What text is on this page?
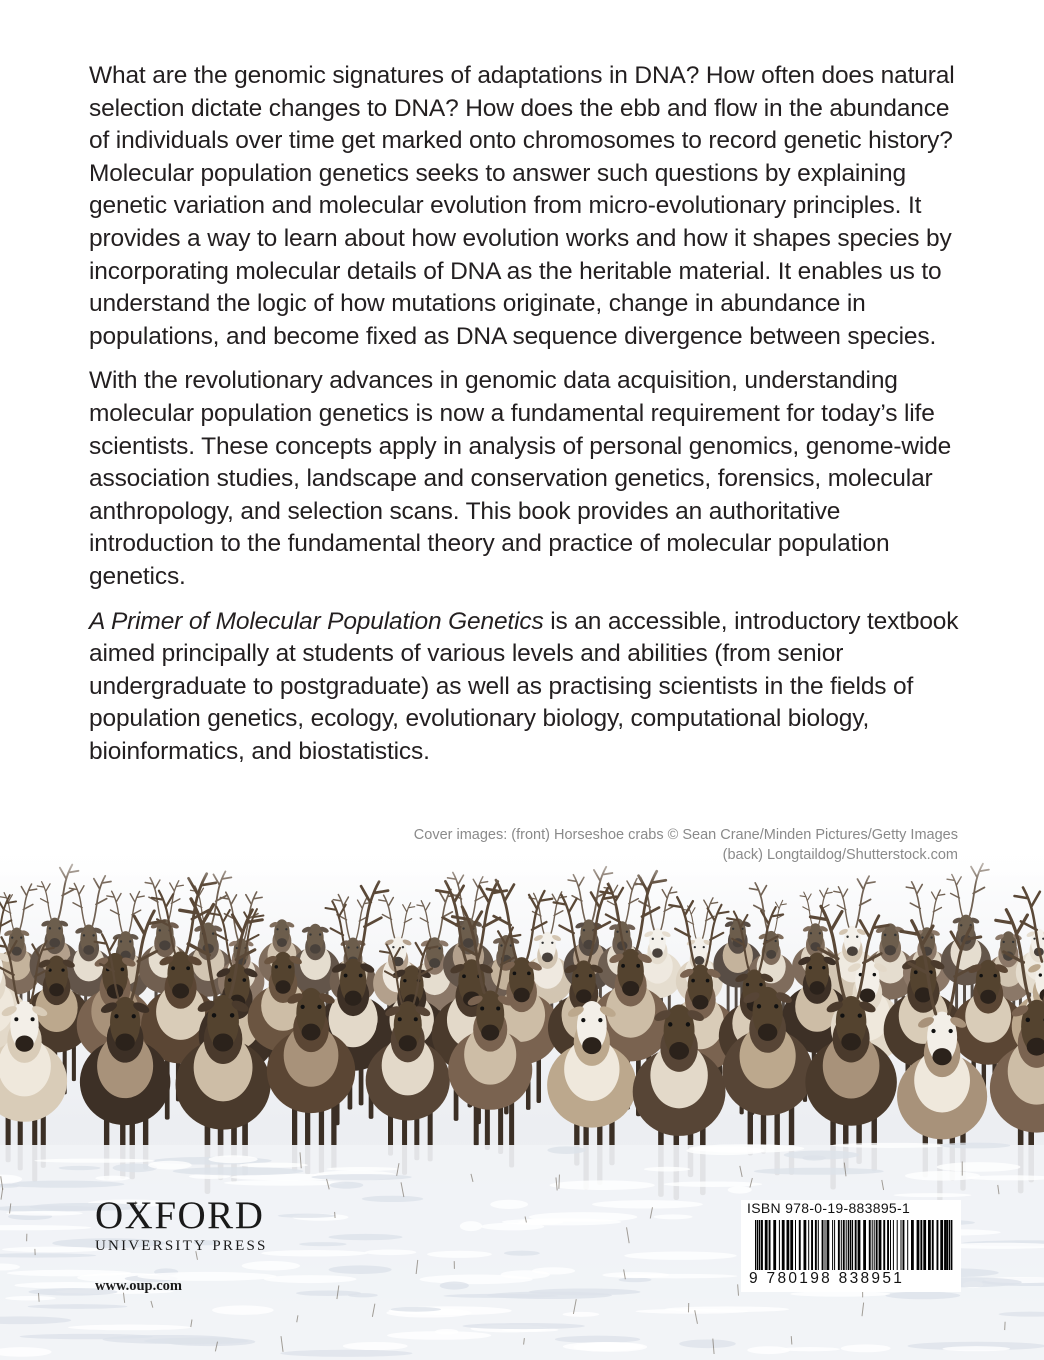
What are the genomic signatures of adaptations in DNA? How often does natural selection dictate changes to DNA? How does the ebb and flow in the abundance of individuals over time get marked onto chromosomes to record genetic history? Molecular population genetics seeks to answer such questions by explaining genetic variation and molecular evolution from micro-evolutionary principles. It provides a way to learn about how evolution works and how it shapes species by incorporating molecular details of DNA as the heritable material. It enables us to understand the logic of how mutations originate, change in abundance in populations, and become fixed as DNA sequence divergence between species.

With the revolutionary advances in genomic data acquisition, understanding molecular population genetics is now a fundamental requirement for today’s life scientists. These concepts apply in analysis of personal genomics, genome-wide association studies, landscape and conservation genetics, forensics, molecular anthropology, and selection scans. This book provides an authoritative introduction to the fundamental theory and practice of molecular population genetics.

A Primer of Molecular Population Genetics is an accessible, introductory textbook aimed principally at students of various levels and abilities (from senior undergraduate to postgraduate) as well as practising scientists in the fields of population genetics, ecology, evolutionary biology, computational biology, bioinformatics, and biostatistics.

Cover images: (front) Horseshoe crabs © Sean Crane/Minden Pictures/Getty Images
(back) Longtaildog/Shutterstock.com
OXFORD
UNIVERSITY PRESS
www.oup.com
ISBN 978-0-19-883895-1
9 780198 838951
